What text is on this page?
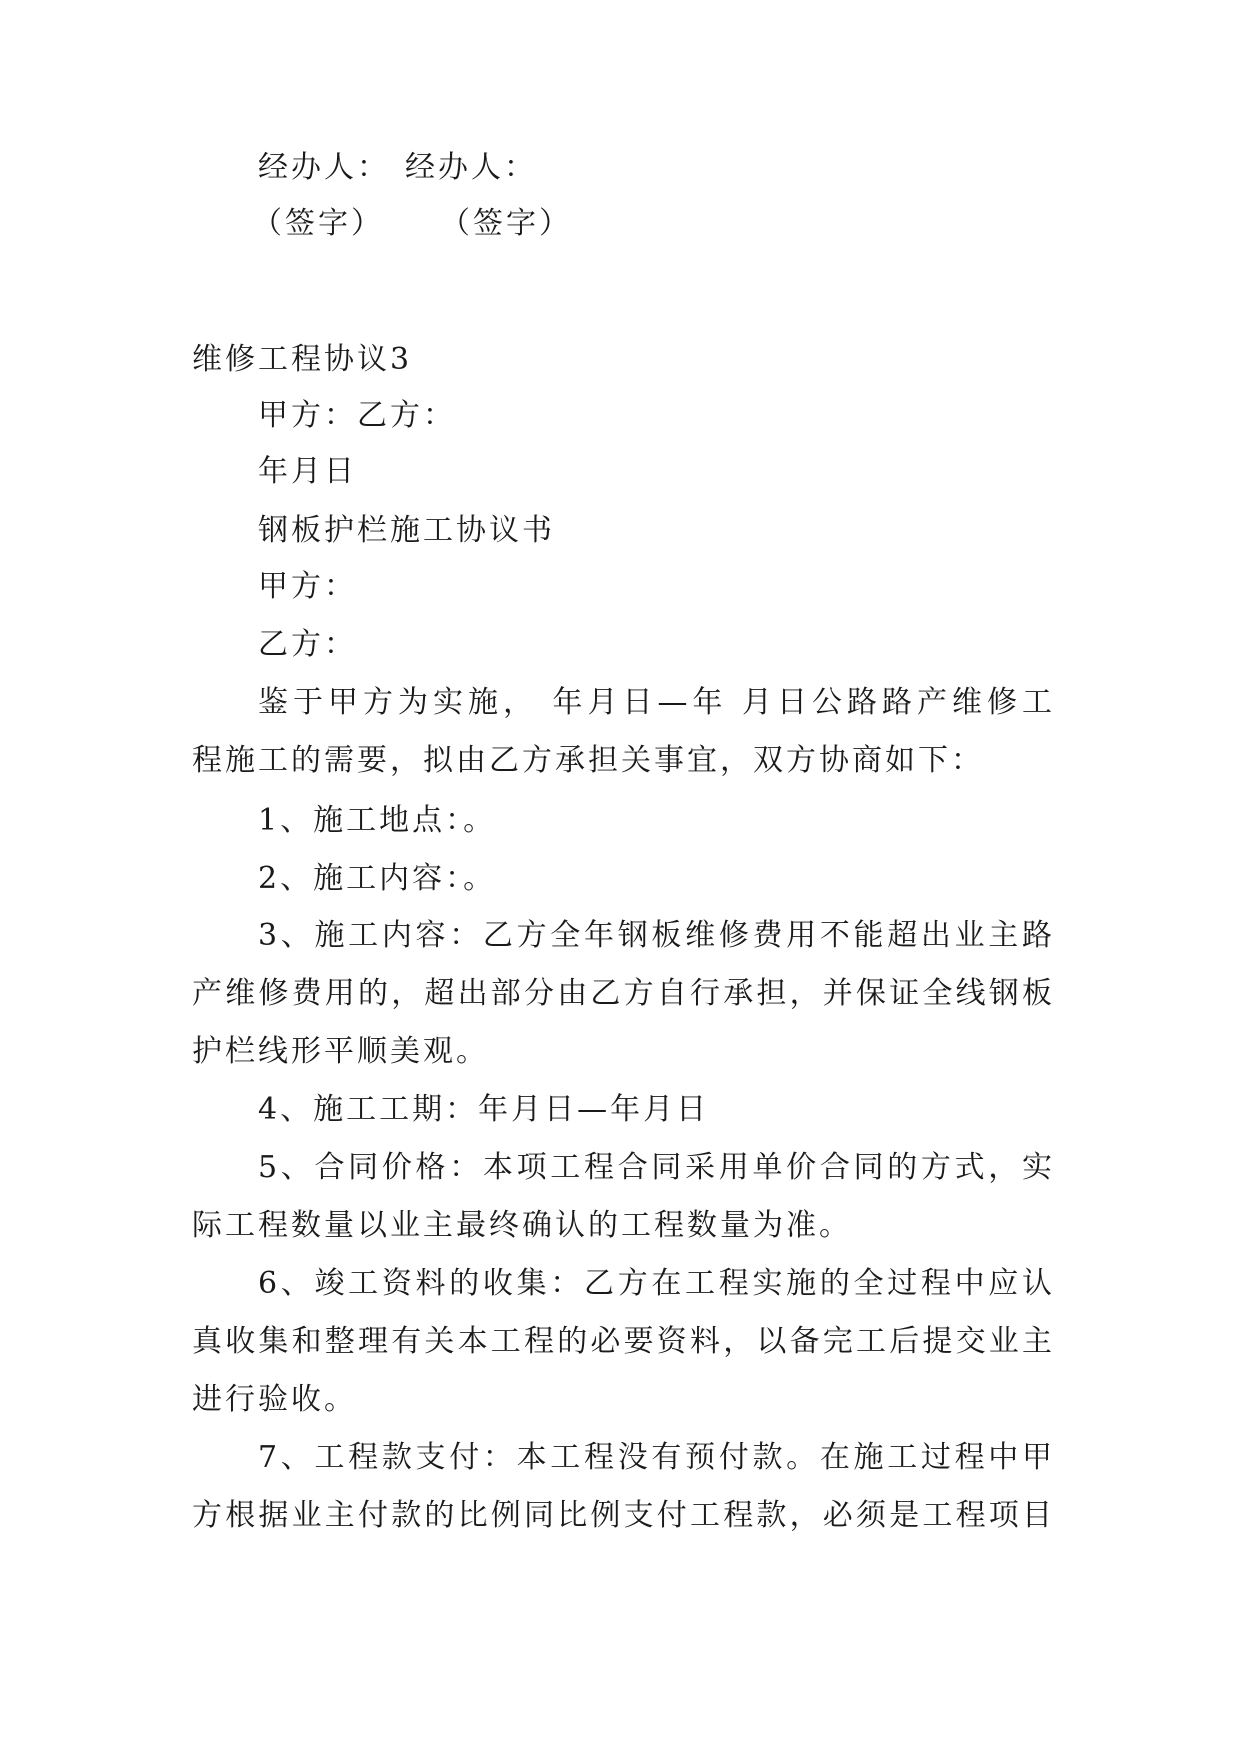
经办人： 经办人：
（签字） （签字）
维修工程协议3
甲方：乙方：
年月日
钢板护栏施工协议书
甲方：
乙方：
鉴于甲方为实施， 年月日—年 月日公路路产维修工
程施工的需要，拟由乙方承担关事宜，双方协商如下：
1、施工地点：。
2、施工内容：。
3、施工内容：乙方全年钢板维修费用不能超出业主路
产维修费用的，超出部分由乙方自行承担，并保证全线钢板
护栏线形平顺美观。
4、施工工期：年月日—年月日
5、合同价格：本项工程合同采用单价合同的方式，实
际工程数量以业主最终确认的工程数量为准。
6、竣工资料的收集：乙方在工程实施的全过程中应认
真收集和整理有关本工程的必要资料，以备完工后提交业主
进行验收。
7、工程款支付：本工程没有预付款。在施工过程中甲
方根据业主付款的比例同比例支付工程款，必须是工程项目
